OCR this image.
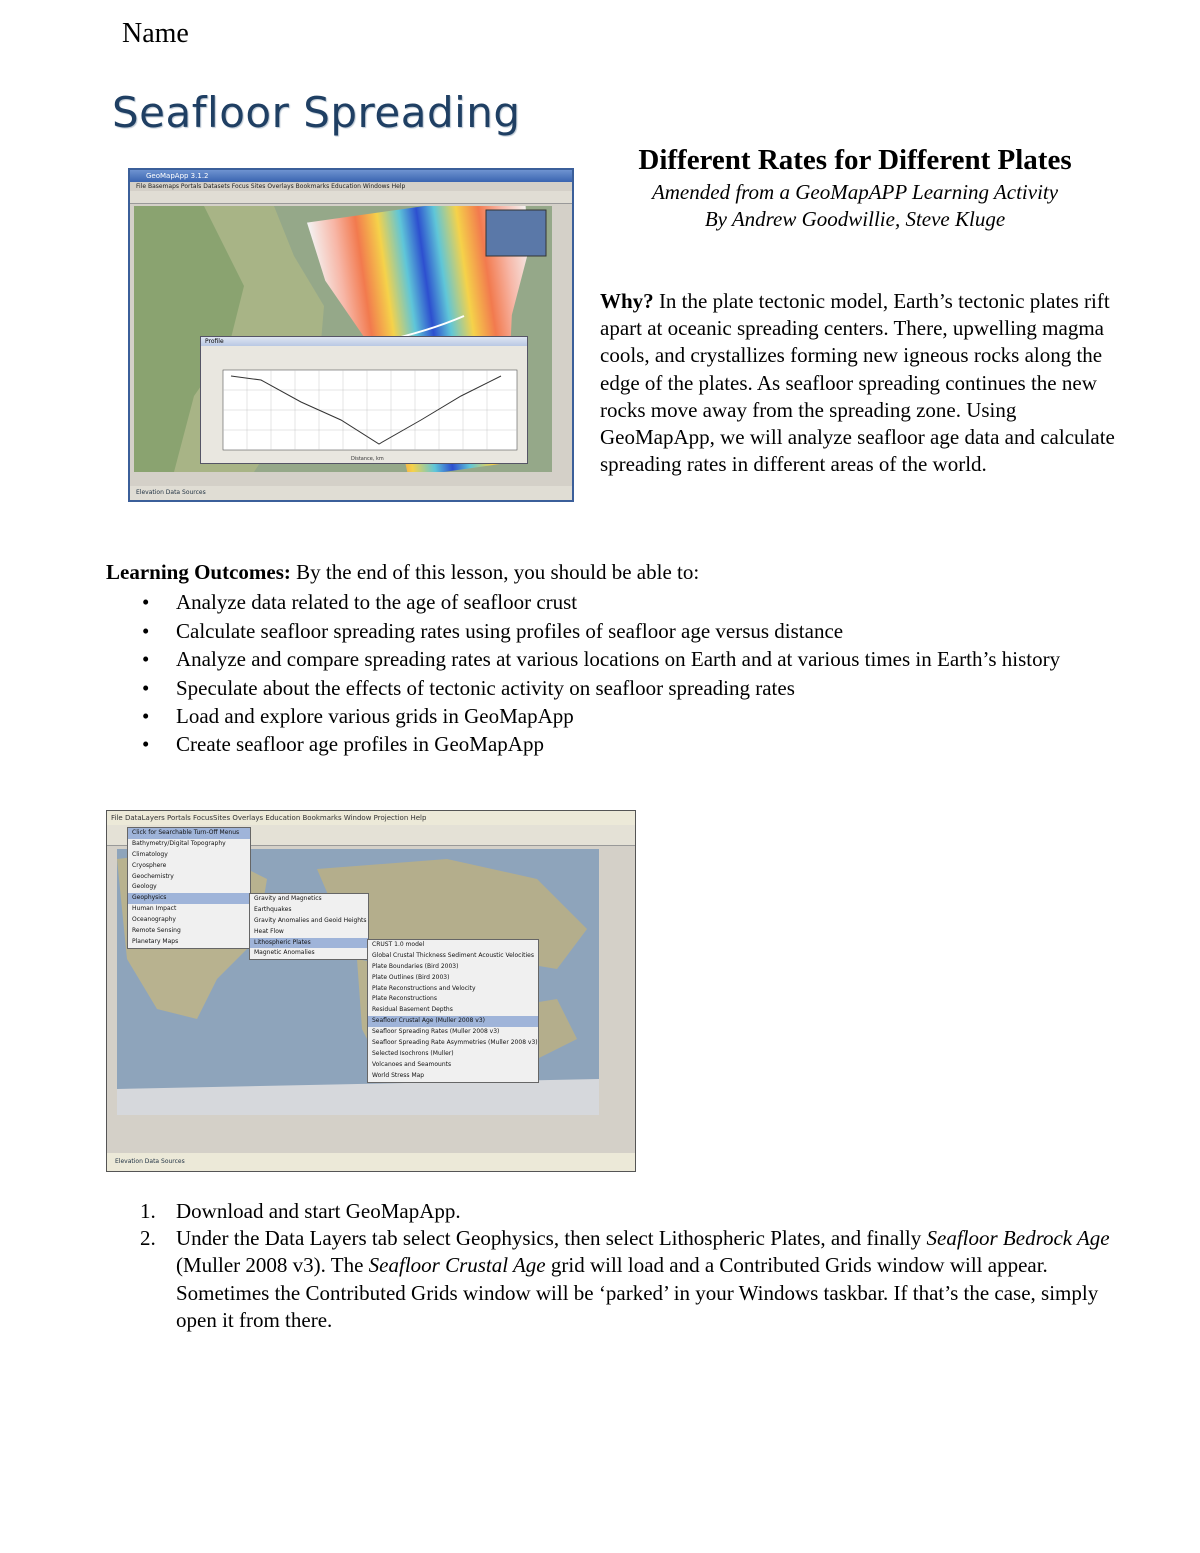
Name
Seafloor Spreading
GeoMapApp 3.1.2
File Basemaps Portals Datasets Focus Sites Overlays Bookmarks Education Windows Help
Profile
Distance, km
Elevation Data Sources
Different Rates for Different Plates
Amended from a GeoMapAPP Learning Activity
By Andrew Goodwillie, Steve Kluge
Why? In the plate tectonic model, Earth’s tectonic plates rift apart at oceanic spreading centers. There, upwelling magma cools, and crystallizes forming new igneous rocks along the edge of the plates. As seafloor spreading continues the new rocks move away from the spreading zone. Using GeoMapApp, we will analyze seafloor age data and calculate spreading rates in different areas of the world.
Learning Outcomes: By the end of this lesson, you should be able to:
• Analyze data related to the age of seafloor crust
• Calculate seafloor spreading rates using profiles of seafloor age versus distance
• Analyze and compare spreading rates at various locations on Earth and at various times in Earth’s history
• Speculate about the effects of tectonic activity on seafloor spreading rates
• Load and explore various grids in GeoMapApp
• Create seafloor age profiles in GeoMapApp
File DataLayers Portals FocusSites Overlays Education Bookmarks Window Projection Help
Click for Searchable Turn-Off Menus
Bathymetry/Digital Topography
Climatology
Cryosphere
Geochemistry
Geology
Geophysics
Human Impact
Oceanography
Remote Sensing
Planetary Maps
Gravity and Magnetics
Earthquakes
Gravity Anomalies and Geoid Heights
Heat Flow
Lithospheric Plates
Magnetic Anomalies
CRUST 1.0 model
Global Crustal Thickness Sediment Acoustic Velocities
Plate Boundaries (Bird 2003)
Plate Outlines (Bird 2003)
Plate Reconstructions and Velocity
Plate Reconstructions
Residual Basement Depths
Seafloor Crustal Age (Muller 2008 v3)
Seafloor Spreading Rates (Muller 2008 v3)
Seafloor Spreading Rate Asymmetries (Muller 2008 v3)
Selected Isochrons (Muller)
Volcanoes and Seamounts
World Stress Map
Elevation Data Sources
1. Download and start GeoMapApp.
2. Under the Data Layers tab select Geophysics, then select Lithospheric Plates, and finally Seafloor Bedrock Age (Muller 2008 v3). The Seafloor Crustal Age grid will load and a Contributed Grids window will appear. Sometimes the Contributed Grids window will be ‘parked’ in your Windows taskbar. If that’s the case, simply open it from there.
